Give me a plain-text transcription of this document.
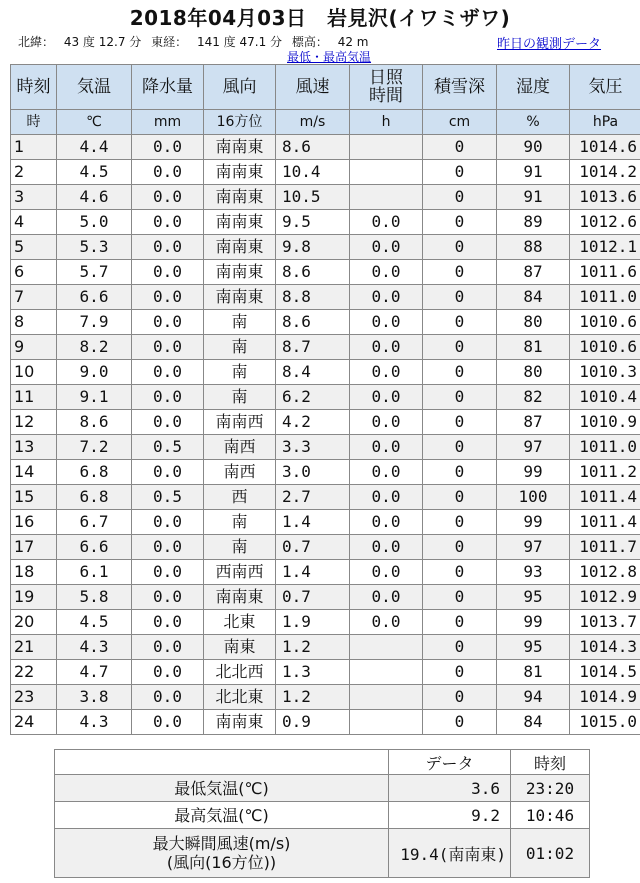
2018年04月03日　岩見沢(イワミザワ)
北緯： 43 度 12.7 分 東経： 141 度 47.1 分 標高： 42 m	昨日の観測データ
最低・最高気温
時刻	気温	降水量	風向	風速	日照時間	積雪深	湿度	気圧
時	℃	mm	16方位	m/s	h	cm	%	hPa
1	4.4	0.0	南南東	8.6		0	90	1014.6
2	4.5	0.0	南南東	10.4		0	91	1014.2
3	4.6	0.0	南南東	10.5		0	91	1013.6
4	5.0	0.0	南南東	9.5	0.0	0	89	1012.6
5	5.3	0.0	南南東	9.8	0.0	0	88	1012.1
6	5.7	0.0	南南東	8.6	0.0	0	87	1011.6
7	6.6	0.0	南南東	8.8	0.0	0	84	1011.0
8	7.9	0.0	南	8.6	0.0	0	80	1010.6
9	8.2	0.0	南	8.7	0.0	0	81	1010.6
10	9.0	0.0	南	8.4	0.0	0	80	1010.3
11	9.1	0.0	南	6.2	0.0	0	82	1010.4
12	8.6	0.0	南南西	4.2	0.0	0	87	1010.9
13	7.2	0.5	南西	3.3	0.0	0	97	1011.0
14	6.8	0.0	南西	3.0	0.0	0	99	1011.2
15	6.8	0.5	西	2.7	0.0	0	100	1011.4
16	6.7	0.0	南	1.4	0.0	0	99	1011.4
17	6.6	0.0	南	0.7	0.0	0	97	1011.7
18	6.1	0.0	西南西	1.4	0.0	0	93	1012.8
19	5.8	0.0	南南東	0.7	0.0	0	95	1012.9
20	4.5	0.0	北東	1.9	0.0	0	99	1013.7
21	4.3	0.0	南東	1.2		0	95	1014.3
22	4.7	0.0	北北西	1.3		0	81	1014.5
23	3.8	0.0	北北東	1.2		0	94	1014.9
24	4.3	0.0	南南東	0.9		0	84	1015.0
	データ	時刻
最低気温(℃)	3.6	23:20
最高気温(℃)	9.2	10:46

最大瞬間風速(m/s)
(風向(16方位))	19.4(南南東)	01:02
